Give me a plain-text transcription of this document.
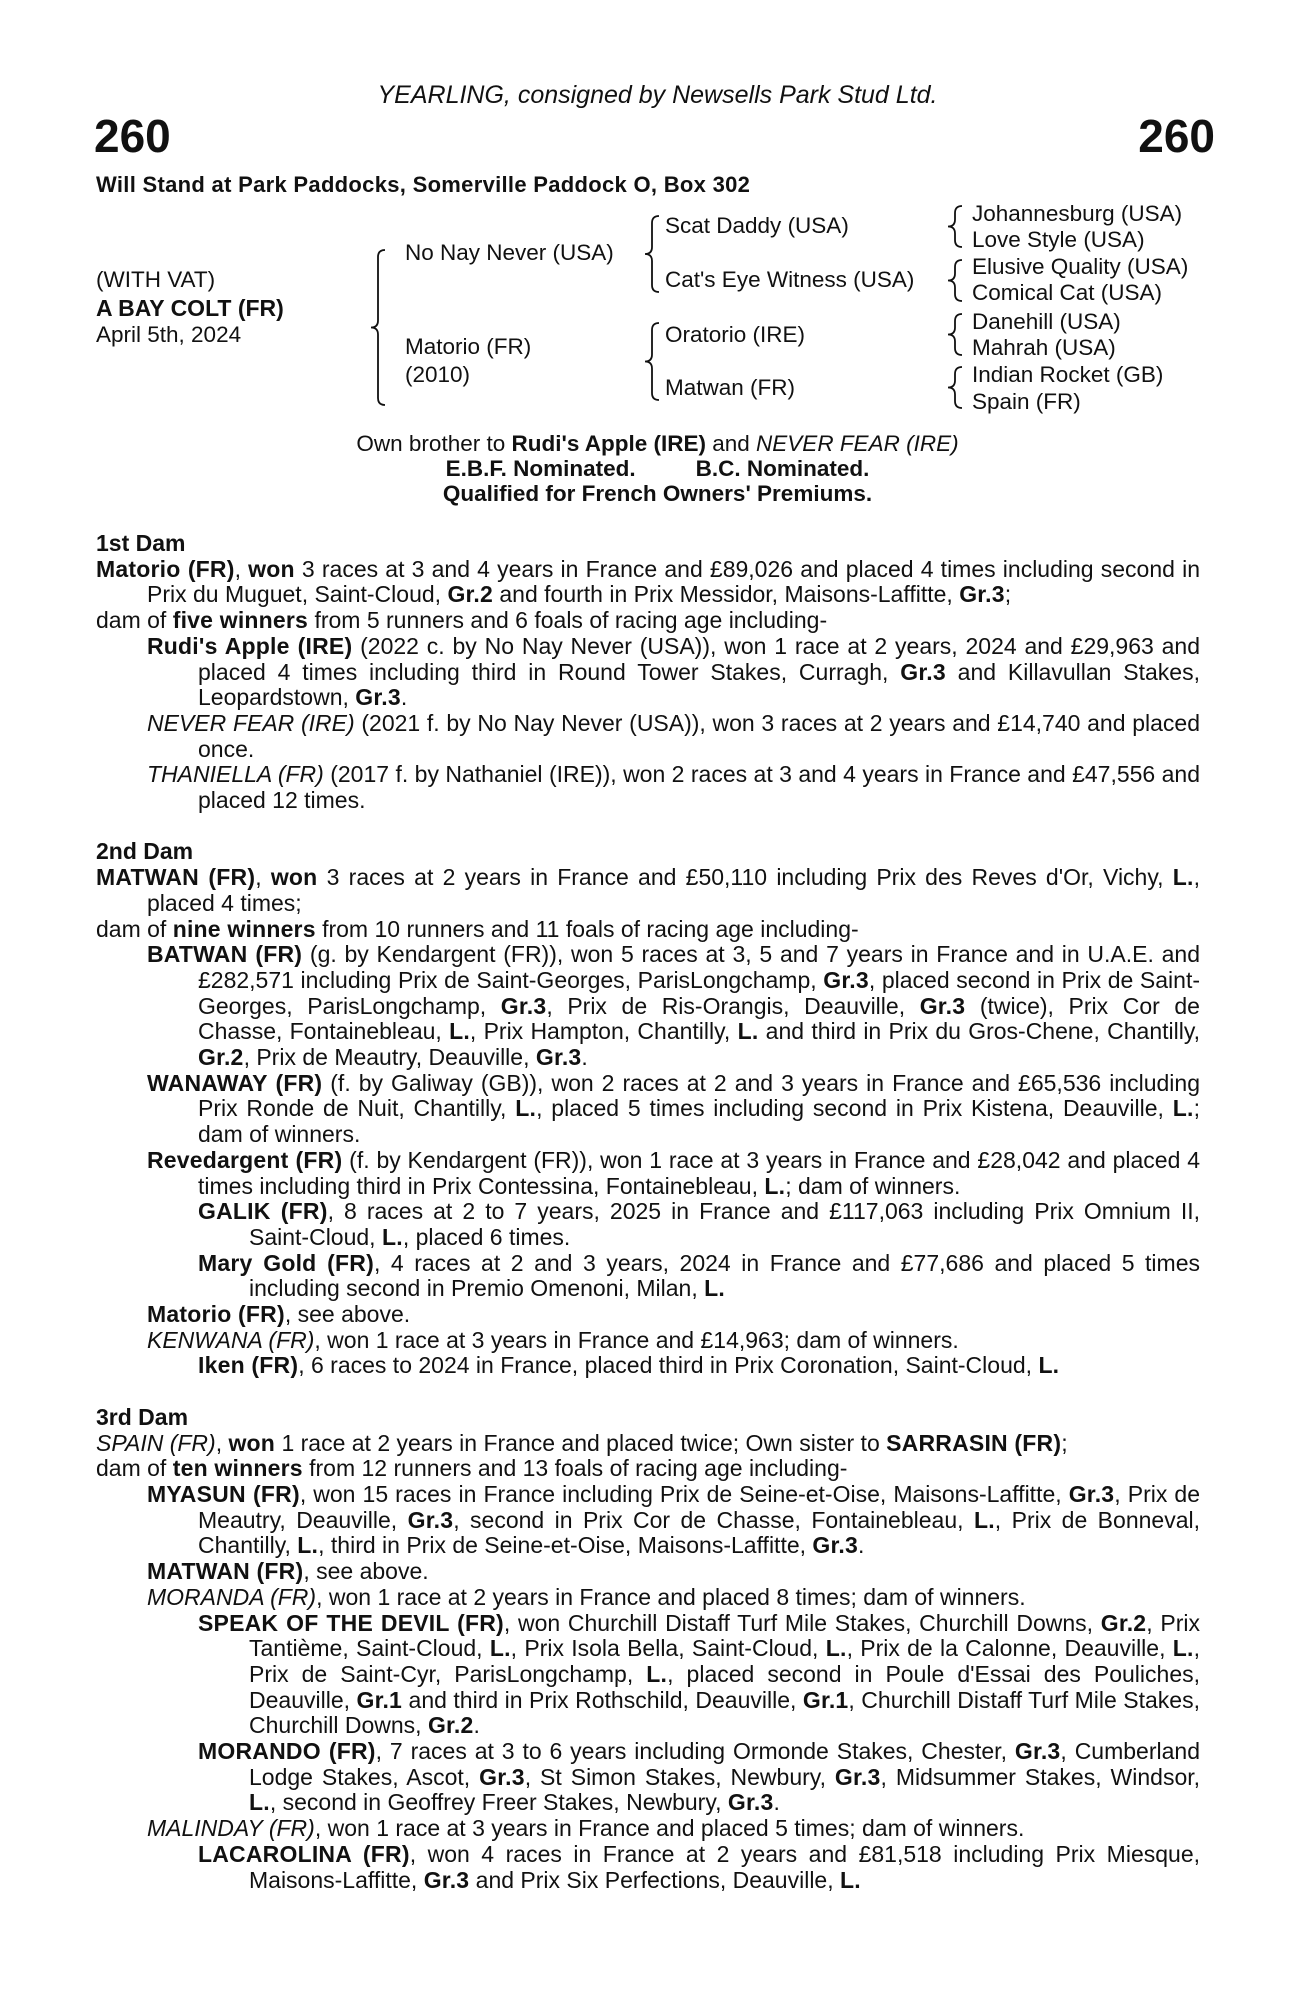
YEARLING, consigned by Newsells Park Stud Ltd.
260	260
Will Stand at Park Paddocks, Somerville Paddock O, Box 302
(WITH VAT)
A BAY COLT (FR)
April 5th, 2024
No Nay Never (USA)
Matorio (FR)
(2010)
Scat Daddy (USA)
Cat's Eye Witness (USA)
Oratorio (IRE)
Matwan (FR)
Johannesburg (USA)
Love Style (USA)
Elusive Quality (USA)
Comical Cat (USA)
Danehill (USA)
Mahrah (USA)
Indian Rocket (GB)
Spain (FR)
Own brother to Rudi's Apple (IRE) and NEVER FEAR (IRE)
E.B.F. Nominated.	B.C. Nominated.
Qualified for French Owners' Premiums.
1st Dam
Matorio (FR), won 3 races at 3 and 4 years in France and £89,026 and placed 4 times including second in Prix du Muguet, Saint-Cloud, Gr.2 and fourth in Prix Messidor, Maisons-Laffitte, Gr.3;
dam of five winners from 5 runners and 6 foals of racing age including-
Rudi's Apple (IRE) (2022 c. by No Nay Never (USA)), won 1 race at 2 years, 2024 and £29,963 and placed 4 times including third in Round Tower Stakes, Curragh, Gr.3 and Killavullan Stakes, Leopardstown, Gr.3.
NEVER FEAR (IRE) (2021 f. by No Nay Never (USA)), won 3 races at 2 years and £14,740 and placed once.
THANIELLA (FR) (2017 f. by Nathaniel (IRE)), won 2 races at 3 and 4 years in France and £47,556 and placed 12 times.
2nd Dam
MATWAN (FR), won 3 races at 2 years in France and £50,110 including Prix des Reves d'Or, Vichy, L., placed 4 times;
dam of nine winners from 10 runners and 11 foals of racing age including-
BATWAN (FR) (g. by Kendargent (FR)), won 5 races at 3, 5 and 7 years in France and in U.A.E. and £282,571 including Prix de Saint-Georges, ParisLongchamp, Gr.3, placed second in Prix de Saint-Georges, ParisLongchamp, Gr.3, Prix de Ris-Orangis, Deauville, Gr.3 (twice), Prix Cor de Chasse, Fontainebleau, L., Prix Hampton, Chantilly, L. and third in Prix du Gros-Chene, Chantilly, Gr.2, Prix de Meautry, Deauville, Gr.3.
WANAWAY (FR) (f. by Galiway (GB)), won 2 races at 2 and 3 years in France and £65,536 including Prix Ronde de Nuit, Chantilly, L., placed 5 times including second in Prix Kistena, Deauville, L.; dam of winners.
Revedargent (FR) (f. by Kendargent (FR)), won 1 race at 3 years in France and £28,042 and placed 4 times including third in Prix Contessina, Fontainebleau, L.; dam of winners.
GALIK (FR), 8 races at 2 to 7 years, 2025 in France and £117,063 including Prix Omnium II, Saint-Cloud, L., placed 6 times.
Mary Gold (FR), 4 races at 2 and 3 years, 2024 in France and £77,686 and placed 5 times including second in Premio Omenoni, Milan, L.
Matorio (FR), see above.
KENWANA (FR), won 1 race at 3 years in France and £14,963; dam of winners.
Iken (FR), 6 races to 2024 in France, placed third in Prix Coronation, Saint-Cloud, L.
3rd Dam
SPAIN (FR), won 1 race at 2 years in France and placed twice; Own sister to SARRASIN (FR);
dam of ten winners from 12 runners and 13 foals of racing age including-
MYASUN (FR), won 15 races in France including Prix de Seine-et-Oise, Maisons-Laffitte, Gr.3, Prix de Meautry, Deauville, Gr.3, second in Prix Cor de Chasse, Fontainebleau, L., Prix de Bonneval, Chantilly, L., third in Prix de Seine-et-Oise, Maisons-Laffitte, Gr.3.
MATWAN (FR), see above.
MORANDA (FR), won 1 race at 2 years in France and placed 8 times; dam of winners.
SPEAK OF THE DEVIL (FR), won Churchill Distaff Turf Mile Stakes, Churchill Downs, Gr.2, Prix Tantième, Saint-Cloud, L., Prix Isola Bella, Saint-Cloud, L., Prix de la Calonne, Deauville, L., Prix de Saint-Cyr, ParisLongchamp, L., placed second in Poule d'Essai des Pouliches, Deauville, Gr.1 and third in Prix Rothschild, Deauville, Gr.1, Churchill Distaff Turf Mile Stakes, Churchill Downs, Gr.2.
MORANDO (FR), 7 races at 3 to 6 years including Ormonde Stakes, Chester, Gr.3, Cumberland Lodge Stakes, Ascot, Gr.3, St Simon Stakes, Newbury, Gr.3, Midsummer Stakes, Windsor, L., second in Geoffrey Freer Stakes, Newbury, Gr.3.
MALINDAY (FR), won 1 race at 3 years in France and placed 5 times; dam of winners.
LACAROLINA (FR), won 4 races in France at 2 years and £81,518 including Prix Miesque, Maisons-Laffitte, Gr.3 and Prix Six Perfections, Deauville, L.
